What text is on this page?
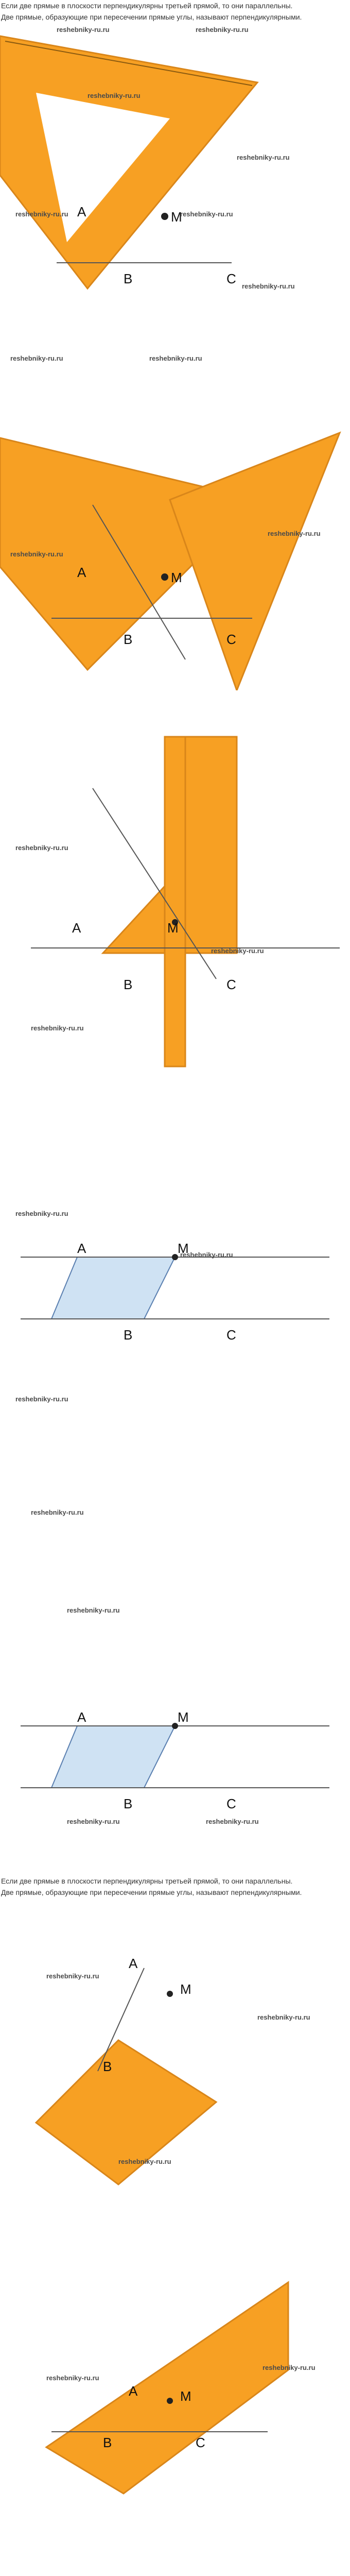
Если две прямые в плоскости перпендикулярны третьей прямой, то они параллельны.
Две прямые, образующие при пересечении прямые углы, называют перпендикулярными.

A	M
B	C
reshebniky-ru.ru	reshebniky-ru.ru
reshebniky-ru.ru
reshebniky-ru.ru
reshebniky-ru.ru	reshebniky-ru.ru
reshebniky-ru.ru
A	M
B	C
reshebniky-ru.ru	reshebniky-ru.ru
reshebniky-ru.ru
reshebniky-ru.ru
A	M
B	C
reshebniky-ru.ru
reshebniky-ru.ru
reshebniky-ru.ru
A	M
B	C
reshebniky-ru.ru
reshebniky-ru.ru
reshebniky-ru.ru
reshebniky-ru.ru
A	M
B	C
reshebniky-ru.ru
reshebniky-ru.ru	reshebniky-ru.ru

Если две прямые в плоскости перпендикулярны третьей прямой, то они параллельны.
Две прямые, образующие при пересечении прямые углы, называют перпендикулярными.

A
M
B
reshebniky-ru.ru
reshebniky-ru.ru
reshebniky-ru.ru
A	M
B	C
reshebniky-ru.ru
reshebniky-ru.ru
